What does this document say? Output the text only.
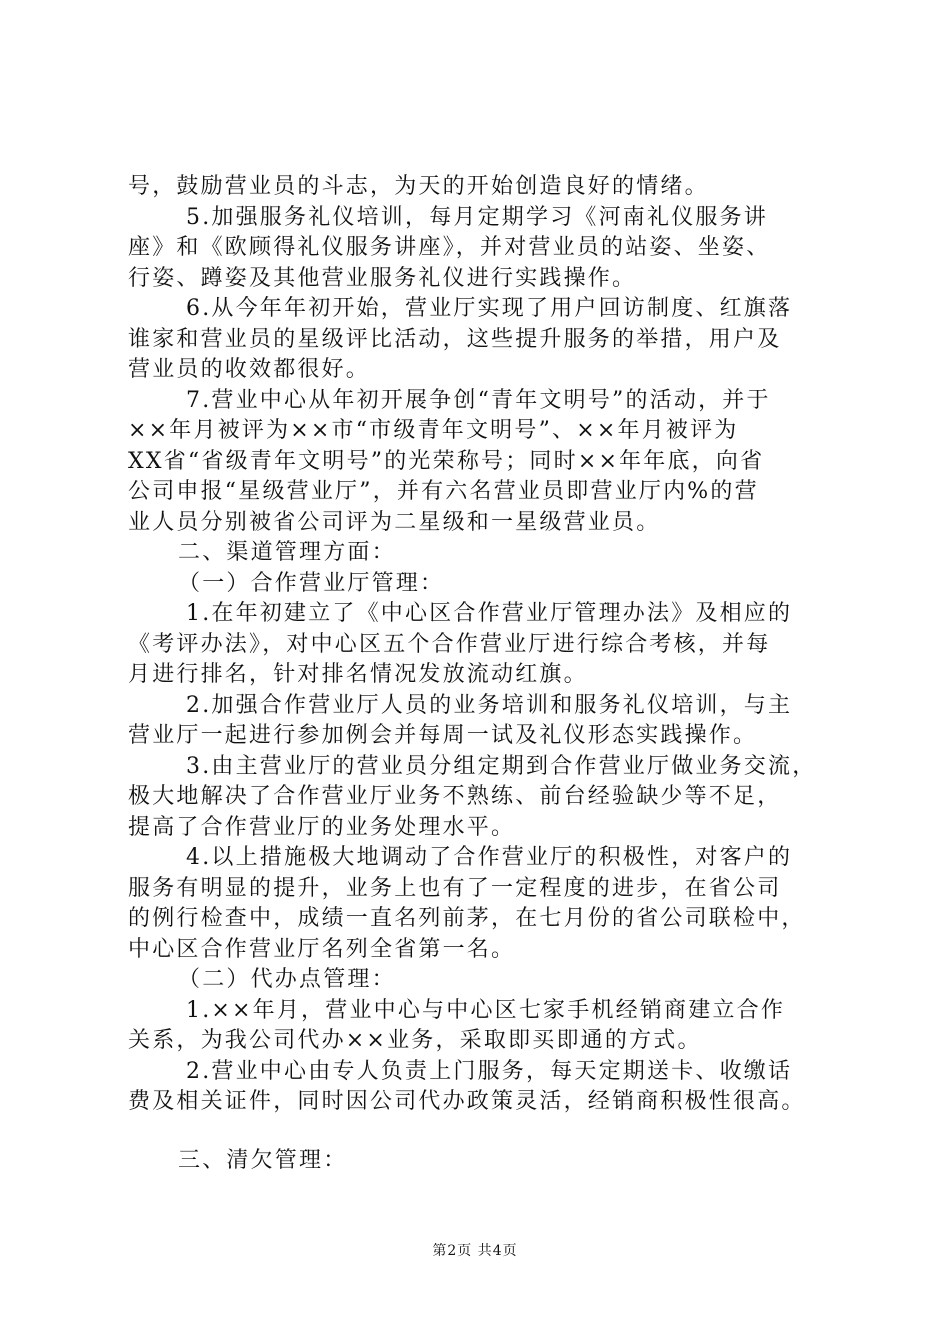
号，鼓励营业员的斗志，为天的开始创造良好的情绪。
5.加强服务礼仪培训，每月定期学习《河南礼仪服务讲
座》和《欧顾得礼仪服务讲座》，并对营业员的站姿、坐姿、
行姿、蹲姿及其他营业服务礼仪进行实践操作。
6.从今年年初开始，营业厅实现了用户回访制度、红旗落
谁家和营业员的星级评比活动，这些提升服务的举措，用户及
营业员的收效都很好。
7.营业中心从年初开展争创“青年文明号”的活动，并于
××年月被评为××市“市级青年文明号”、××年月被评为
XX省“省级青年文明号”的光荣称号；同时××年年底，向省
公司申报“星级营业厅”，并有六名营业员即营业厅内%的营
业人员分别被省公司评为二星级和一星级营业员。
二、渠道管理方面：
（一）合作营业厅管理：
1.在年初建立了《中心区合作营业厅管理办法》及相应的
《考评办法》，对中心区五个合作营业厅进行综合考核，并每
月进行排名，针对排名情况发放流动红旗。
2.加强合作营业厅人员的业务培训和服务礼仪培训，与主
营业厅一起进行参加例会并每周一试及礼仪形态实践操作。
3.由主营业厅的营业员分组定期到合作营业厅做业务交流，
极大地解决了合作营业厅业务不熟练、前台经验缺少等不足，
提高了合作营业厅的业务处理水平。
4.以上措施极大地调动了合作营业厅的积极性，对客户的
服务有明显的提升，业务上也有了一定程度的进步，在省公司
的例行检查中，成绩一直名列前茅，在七月份的省公司联检中，
中心区合作营业厅名列全省第一名。
（二）代办点管理：
1.××年月，营业中心与中心区七家手机经销商建立合作
关系，为我公司代办××业务，采取即买即通的方式。
2.营业中心由专人负责上门服务，每天定期送卡、收缴话
费及相关证件，同时因公司代办政策灵活，经销商积极性很高。
三、清欠管理：
第2页 共4页
